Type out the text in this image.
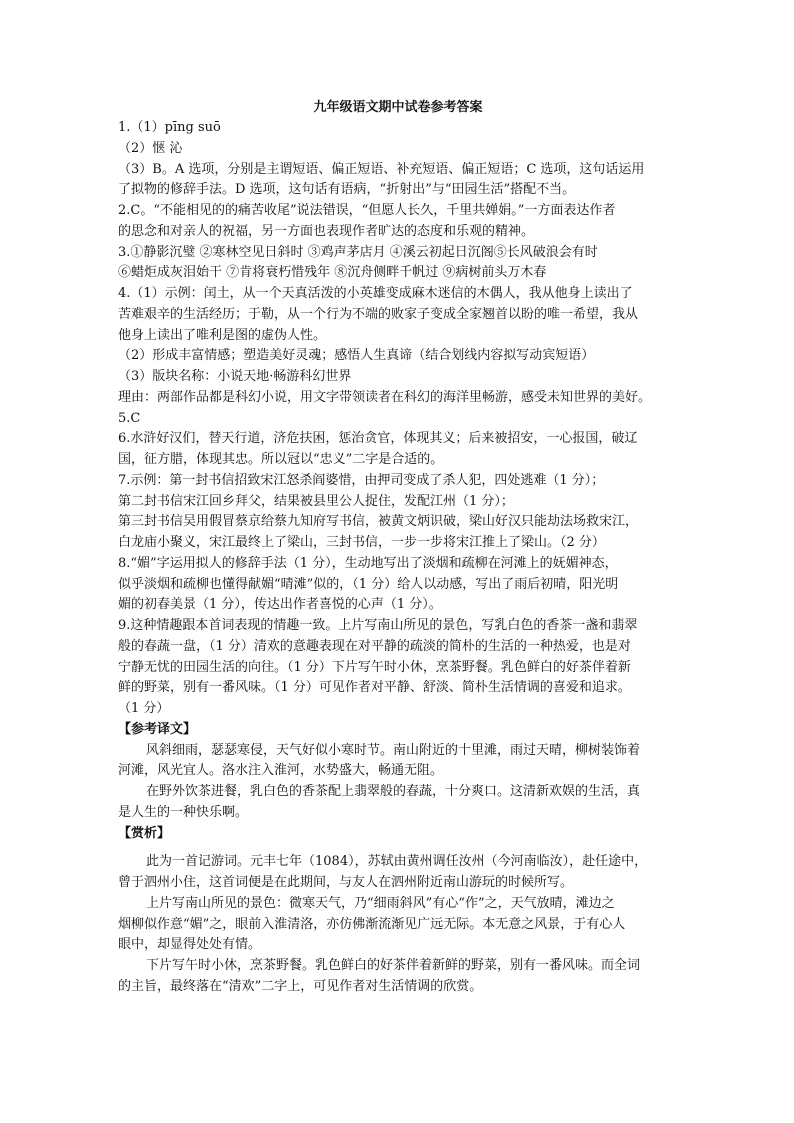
九年级语文期中试卷参考答案
1.（1）pīng suō
（2）惬 沁
（3）B。A 选项，分别是主谓短语、偏正短语、补充短语、偏正短语；C 选项，这句话运用
了拟物的修辞手法。D 选项，这句话有语病，“折射出”与“田园生活”搭配不当。
2.C。“不能相见的的痛苦收尾”说法错误，“但愿人长久，千里共婵娟。”一方面表达作者
的思念和对亲人的祝福，另一方面也表现作者旷达的态度和乐观的精神。
3.①静影沉璧 ②寒林空见日斜时 ③鸡声茅店月 ④溪云初起日沉阁⑤长风破浪会有时
⑥蜡炬成灰泪始干 ⑦肯将衰朽惜残年 ⑧沉舟侧畔千帆过 ⑨病树前头万木春
4.（1）示例：闰土，从一个天真活泼的小英雄变成麻木迷信的木偶人，我从他身上读出了
苦难艰辛的生活经历；于勒，从一个行为不端的败家子变成全家翘首以盼的唯一希望，我从
他身上读出了唯利是图的虚伪人性。
（2）形成丰富情感；塑造美好灵魂；感悟人生真谛（结合划线内容拟写动宾短语）
（3）版块名称：小说天地·畅游科幻世界
理由：两部作品都是科幻小说，用文字带领读者在科幻的海洋里畅游，感受未知世界的美好。
5.C
6.水浒好汉们，替天行道，济危扶困，惩治贪官，体现其义；后来被招安，一心报国，破辽
国，征方腊，体现其忠。所以冠以“忠义”二字是合适的。
7.示例：第一封书信招致宋江怒杀阎婆惜，由押司变成了杀人犯，四处逃难（1 分）；
第二封书信宋江回乡拜父，结果被县里公人捉住，发配江州（1 分）；
第三封书信吴用假冒蔡京给蔡九知府写书信，被黄文炳识破，梁山好汉只能劫法场救宋江，
白龙庙小聚义，宋江最终上了梁山，三封书信，一步一步将宋江推上了梁山。（2 分）
8.“媚”字运用拟人的修辞手法（1 分），生动地写出了淡烟和疏柳在河滩上的妩媚神态，
似乎淡烟和疏柳也懂得献媚“晴滩”似的，（1 分）给人以动感，写出了雨后初晴，阳光明
媚的初春美景（1 分），传达出作者喜悦的心声（1 分）。
9.这种情趣跟本首词表现的情趣一致。上片写南山所见的景色，写乳白色的香茶一盏和翡翠
般的春蔬一盘，（1 分）清欢的意趣表现在对平静的疏淡的简朴的生活的一种热爱，也是对
宁静无忧的田园生活的向往。（1 分）下片写午时小休，烹茶野餐。乳色鲜白的好茶伴着新
鲜的野菜，别有一番风味。（1 分）可见作者对平静、舒淡、简朴生活情调的喜爱和追求。
（1 分）
【参考译文】
风斜细雨，瑟瑟寒侵，天气好似小寒时节。南山附近的十里滩，雨过天晴，柳树装饰着
河滩，风光宜人。洛水注入淮河，水势盛大，畅通无阻。
在野外饮茶进餐，乳白色的香茶配上翡翠般的春蔬，十分爽口。这清新欢娱的生活，真
是人生的一种快乐啊。
【赏析】
此为一首记游词。元丰七年（1084），苏轼由黄州调任汝州（今河南临汝），赴任途中，
曾于泗州小住，这首词便是在此期间，与友人在泗州附近南山游玩的时候所写。
上片写南山所见的景色：微寒天气，乃“细雨斜风”有心“作”之，天气放晴，滩边之
烟柳似作意“媚”之，眼前入淮清洛，亦仿佛渐流渐见广远无际。本无意之风景，于有心人
眼中，却显得处处有情。
下片写午时小休，烹茶野餐。乳色鲜白的好茶伴着新鲜的野菜，别有一番风味。而全词
的主旨，最终落在“清欢”二字上，可见作者对生活情调的欣赏。
